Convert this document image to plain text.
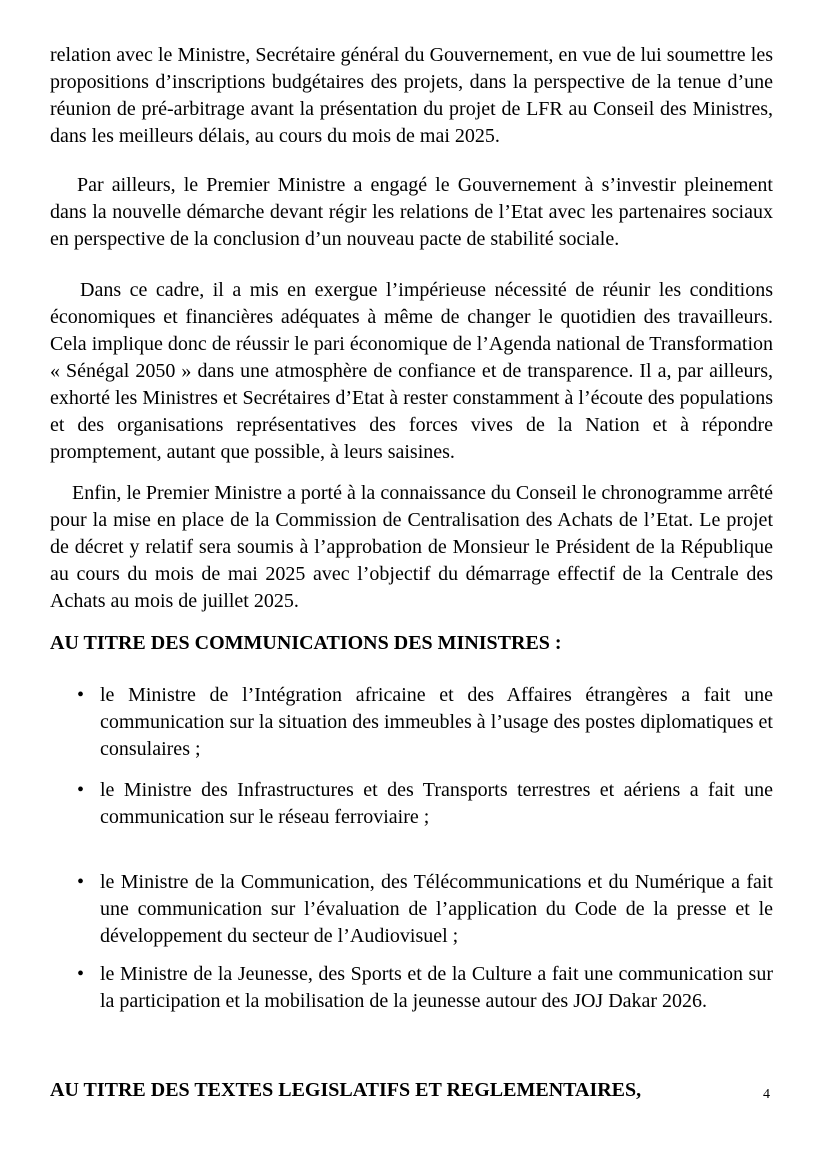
relation avec le Ministre, Secrétaire général du Gouvernement, en vue de lui soumettre les propositions d’inscriptions budgétaires des projets, dans la perspective de la tenue d’une réunion de pré-arbitrage avant la présentation du projet de LFR au Conseil des Ministres, dans les meilleurs délais, au cours du mois de mai 2025.

Par ailleurs, le Premier Ministre a engagé le Gouvernement à s’investir pleinement dans la nouvelle démarche devant régir les relations de l’Etat avec les partenaires sociaux en perspective de la conclusion d’un nouveau pacte de stabilité sociale.

Dans ce cadre, il a mis en exergue l’impérieuse nécessité de réunir les conditions économiques et financières adéquates à même de changer le quotidien des travailleurs. Cela implique donc de réussir le pari économique de l’Agenda national de Transformation « Sénégal 2050 » dans une atmosphère de confiance et de transparence. Il a, par ailleurs, exhorté les Ministres et Secrétaires d’Etat à rester constamment à l’écoute des populations et des organisations représentatives des forces vives de la Nation et à répondre promptement, autant que possible, à leurs saisines.

Enfin, le Premier Ministre a porté à la connaissance du Conseil le chronogramme arrêté pour la mise en place de la Commission de Centralisation des Achats de l’Etat. Le projet de décret y relatif sera soumis à l’approbation de Monsieur le Président de la République au cours du mois de mai 2025 avec l’objectif du démarrage effectif de la Centrale des Achats au mois de juillet 2025.

AU TITRE DES COMMUNICATIONS DES MINISTRES :
• le Ministre de l’Intégration africaine et des Affaires étrangères a fait une communication sur la situation des immeubles à l’usage des postes diplomatiques et consulaires ;
• le Ministre des Infrastructures et des Transports terrestres et aériens a fait une communication sur le réseau ferroviaire ;
• le Ministre de la Communication, des Télécommunications et du Numérique a fait une communication sur l’évaluation de l’application du Code de la presse et le développement du secteur de l’Audiovisuel ;
• le Ministre de la Jeunesse, des Sports et de la Culture a fait une communication sur la participation et la mobilisation de la jeunesse autour des JOJ Dakar 2026.
AU TITRE DES TEXTES LEGISLATIFS ET REGLEMENTAIRES,	4
